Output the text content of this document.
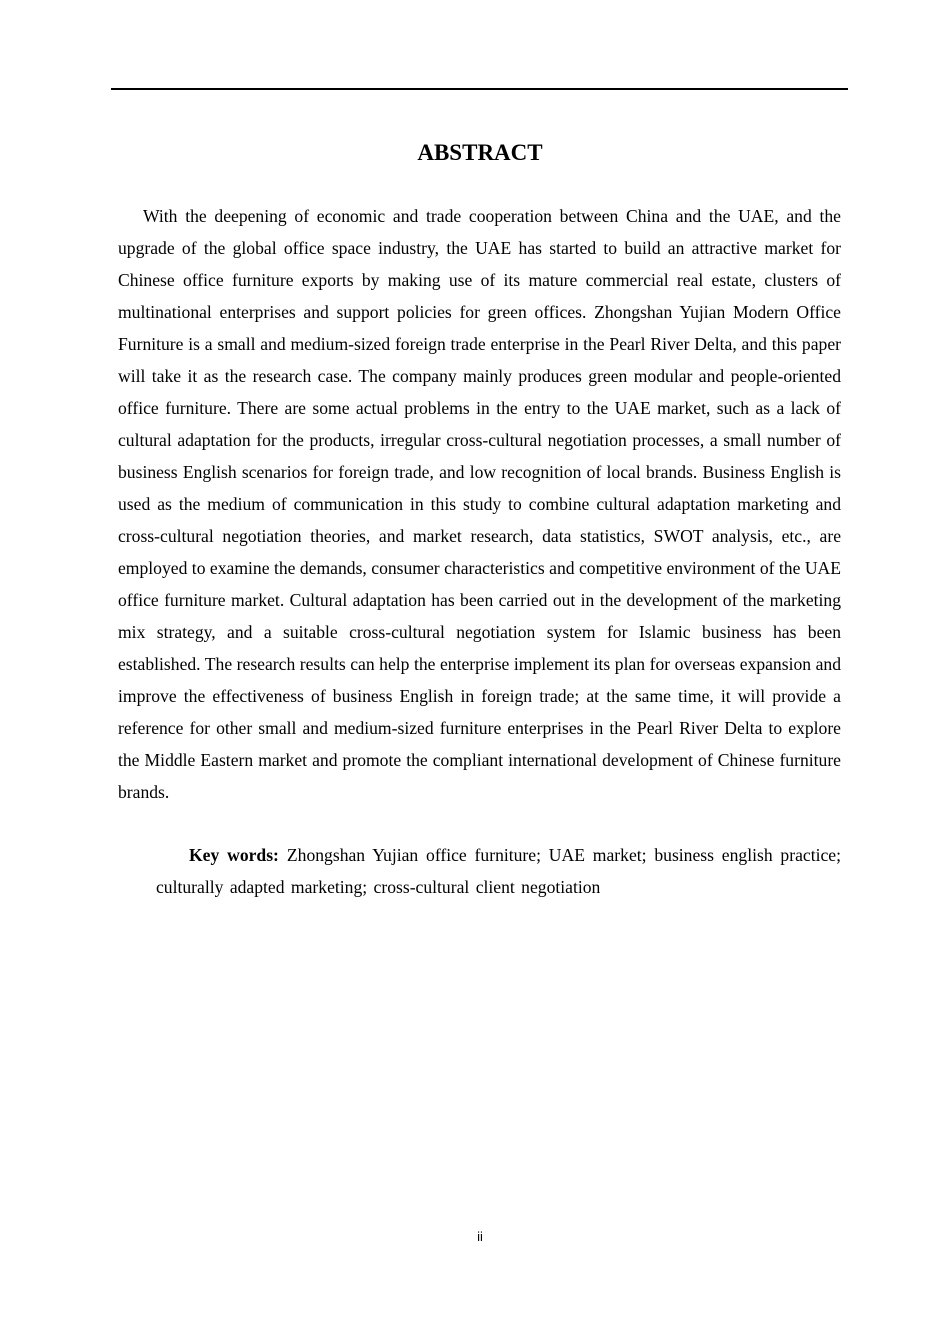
ABSTRACT

With the deepening of economic and trade cooperation between China and the UAE, and the upgrade of the global office space industry, the UAE has started to build an attractive market for Chinese office furniture exports by making use of its mature commercial real estate, clusters of multinational enterprises and support policies for green offices. Zhongshan Yujian Modern Office Furniture is a small and medium-sized foreign trade enterprise in the Pearl River Delta, and this paper will take it as the research case. The company mainly produces green modular and people-oriented office furniture. There are some actual problems in the entry to the UAE market, such as a lack of cultural adaptation for the products, irregular cross-cultural negotiation processes, a small number of business English scenarios for foreign trade, and low recognition of local brands. Business English is used as the medium of communication in this study to combine cultural adaptation marketing and cross-cultural negotiation theories, and market research, data statistics, SWOT analysis, etc., are employed to examine the demands, consumer characteristics and competitive environment of the UAE office furniture market. Cultural adaptation has been carried out in the development of the marketing mix strategy, and a suitable cross-cultural negotiation system for Islamic business has been established. The research results can help the enterprise implement its plan for overseas expansion and improve the effectiveness of business English in foreign trade; at the same time, it will provide a reference for other small and medium-sized furniture enterprises in the Pearl River Delta to explore the Middle Eastern market and promote the compliant international development of Chinese furniture brands.

Key words: Zhongshan Yujian office furniture; UAE market; business english practice; culturally adapted marketing; cross-cultural client negotiation

ii
